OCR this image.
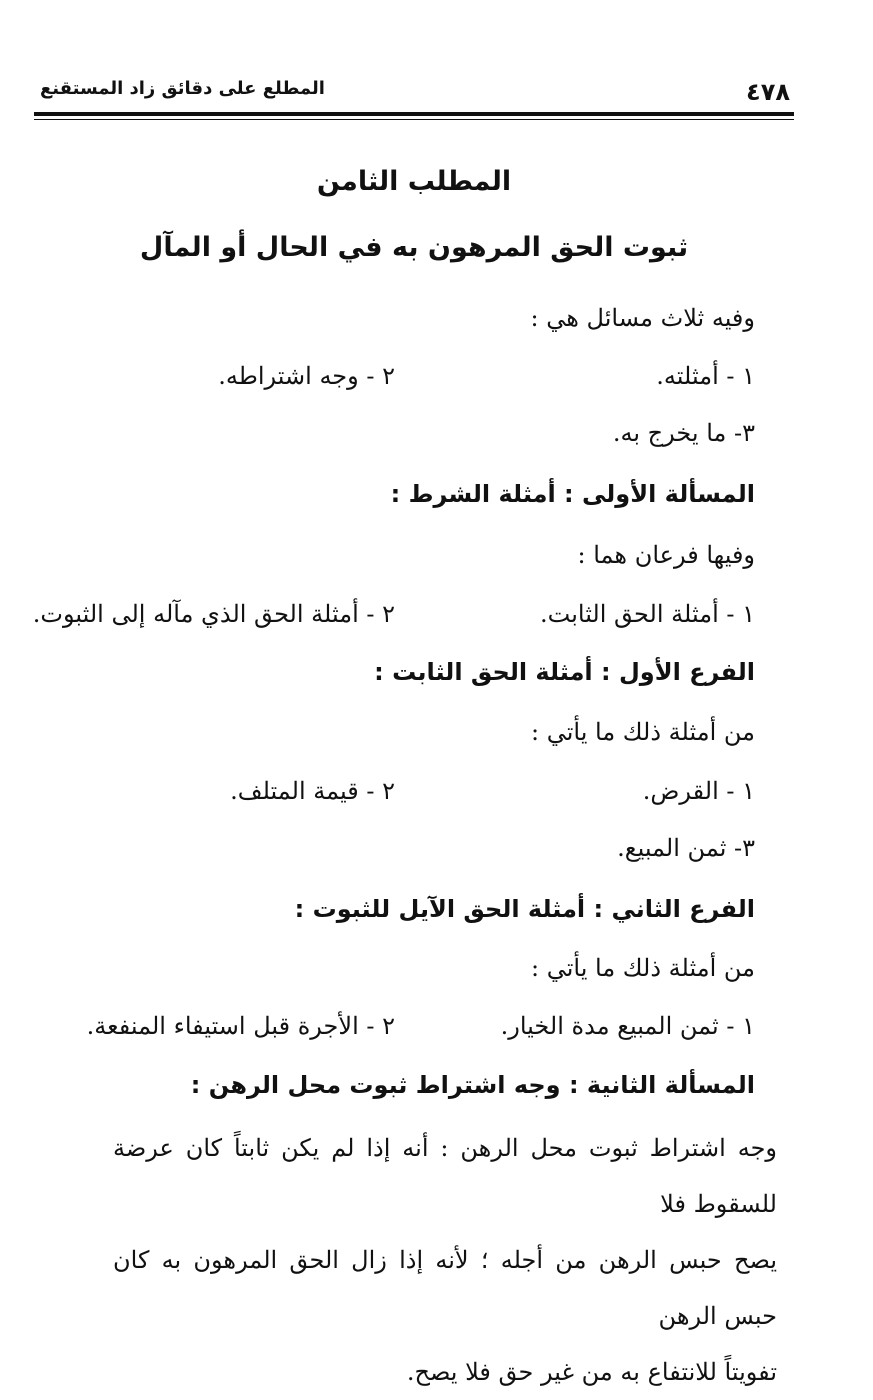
٤٧٨
المطلع على دقائق زاد المستقنع
المطلب الثامن
ثبوت الحق المرهون به في الحال أو المآل
وفيه ثلاث مسائل هي :
١ - أمثلته.
٢ - وجه اشتراطه.
٣- ما يخرج به.
المسألة الأولى : أمثلة الشرط :
وفيها فرعان هما :
١ - أمثلة الحق الثابت.
٢ - أمثلة الحق الذي مآله إلى الثبوت.
الفرع الأول : أمثلة الحق الثابت :
من أمثلة ذلك ما يأتي :
١ - القرض.
٢ - قيمة المتلف.
٣- ثمن المبيع.
الفرع الثاني : أمثلة الحق الآيل للثبوت :
من أمثلة ذلك ما يأتي :
١ - ثمن المبيع مدة الخيار.
٢ - الأجرة قبل استيفاء المنفعة.
المسألة الثانية : وجه اشتراط ثبوت محل الرهن :
وجه اشتراط ثبوت محل الرهن : أنه إذا لم يكن ثابتاً كان عرضة للسقوط فلا
يصح حبس الرهن من أجله ؛ لأنه إذا زال الحق المرهون به كان حبس الرهن
تفويتاً للانتفاع به من غير حق فلا يصح.
